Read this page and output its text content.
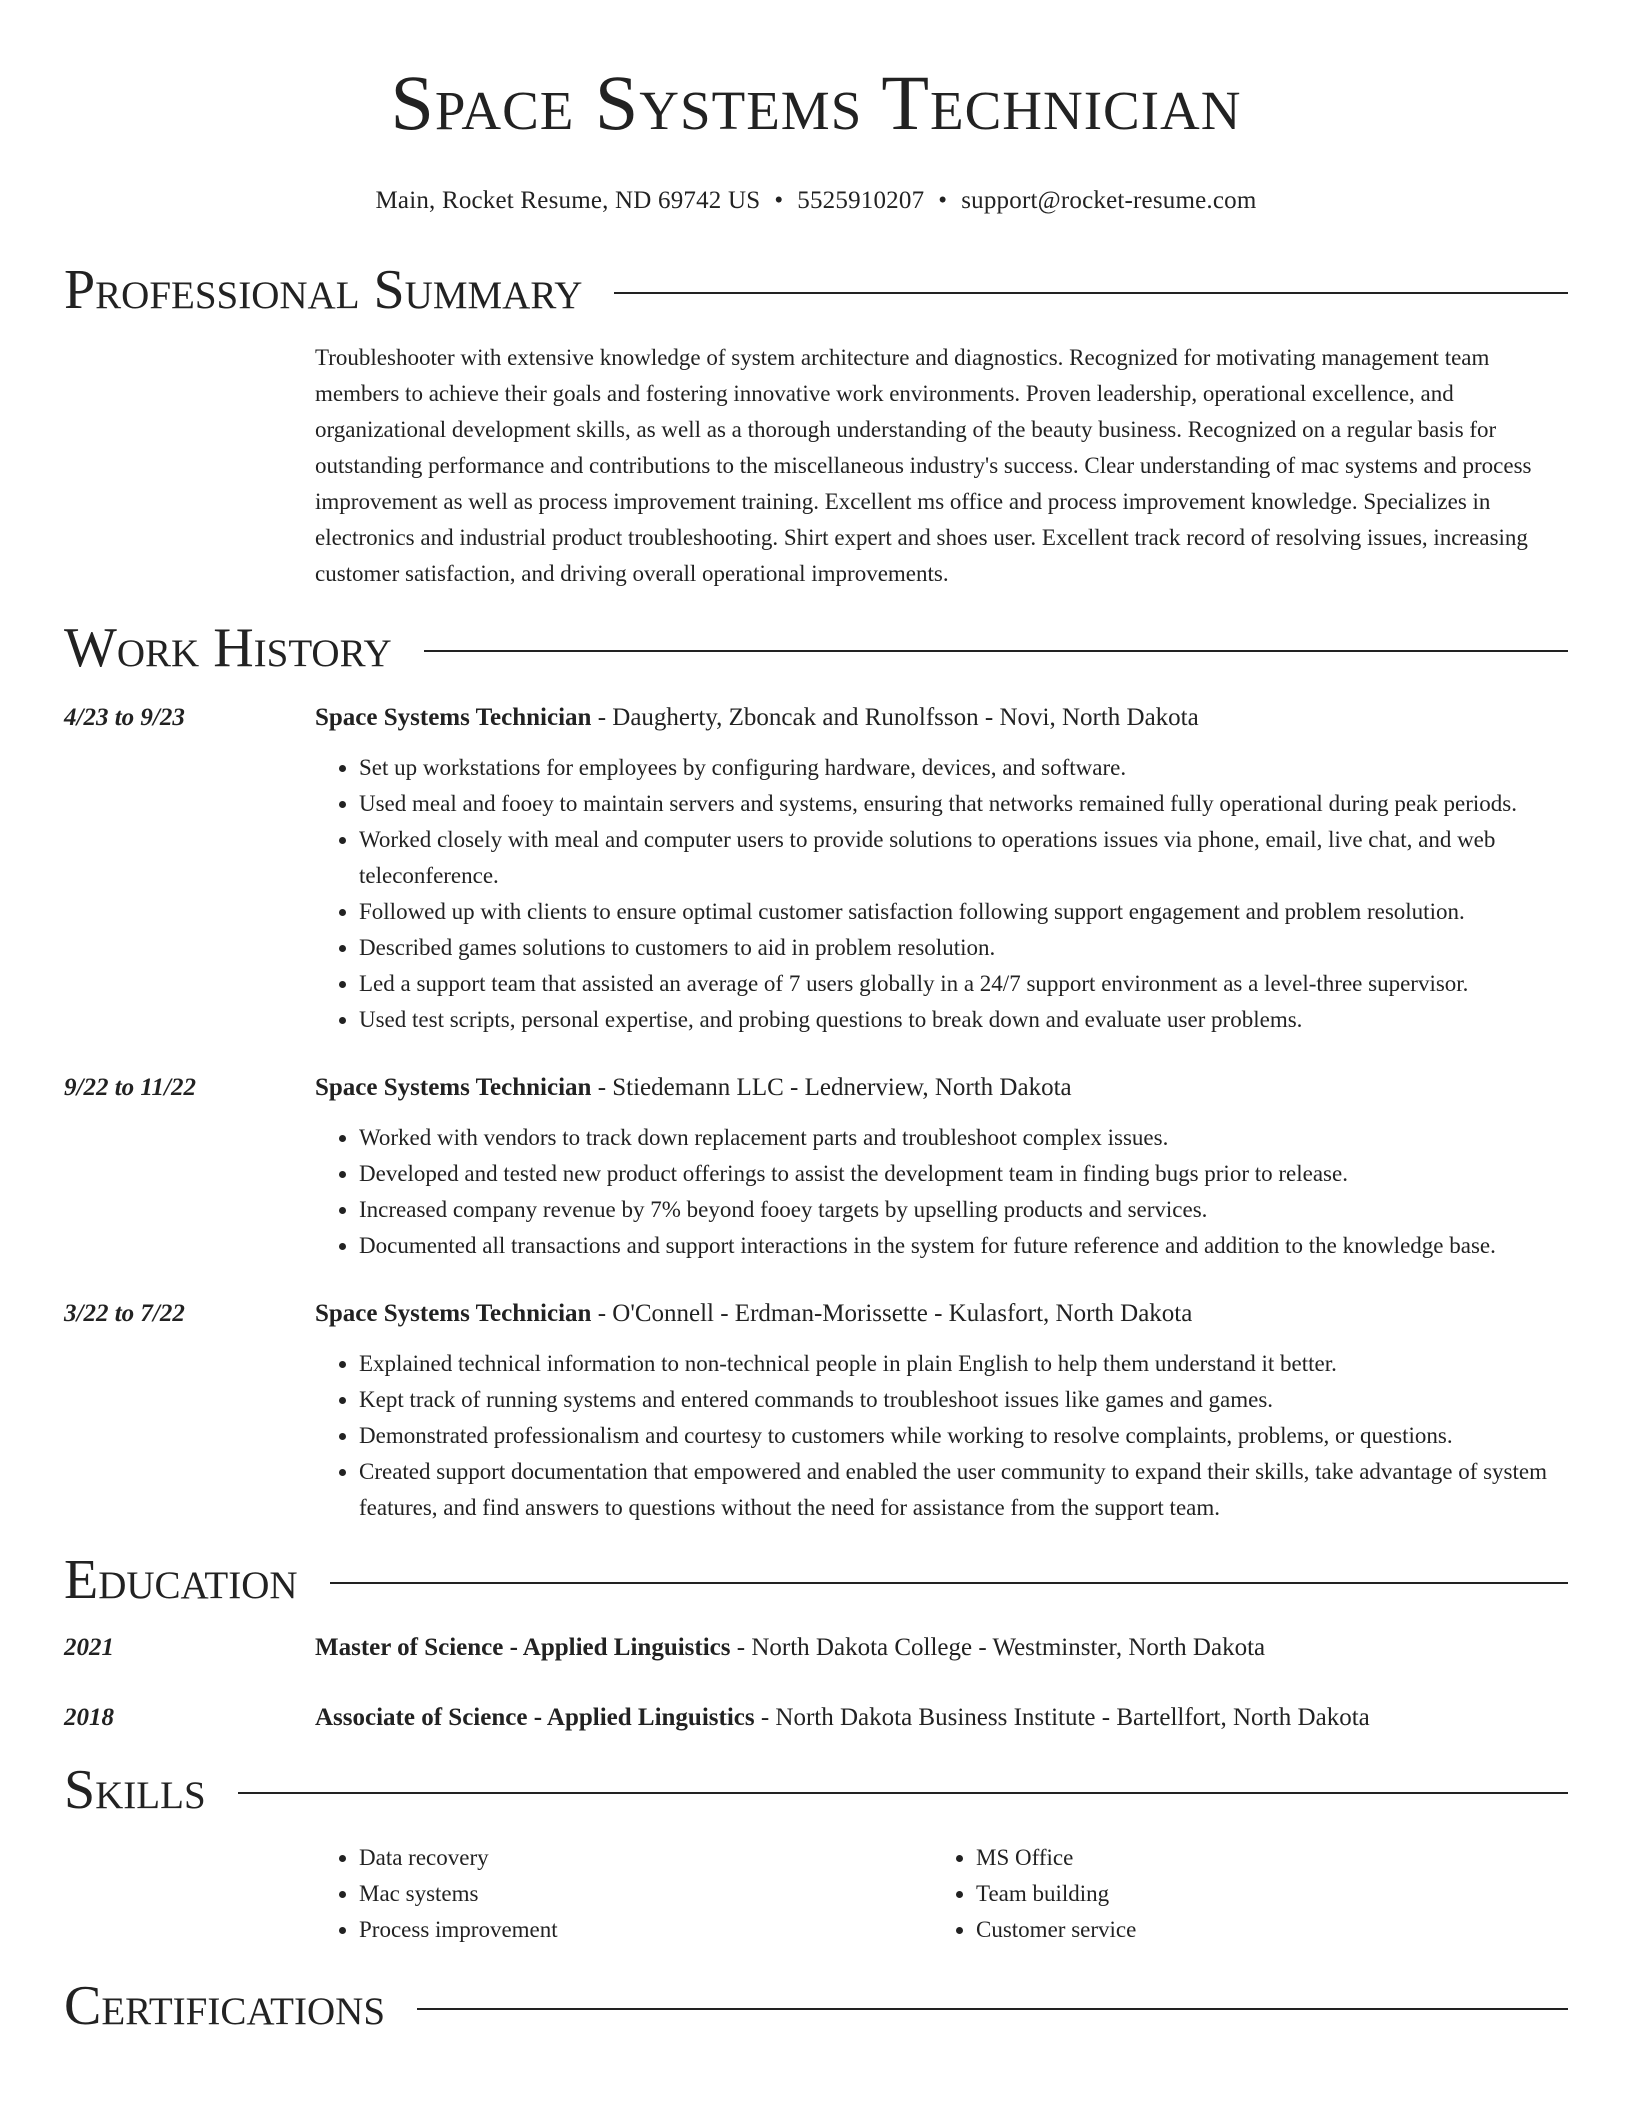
Space Systems Technician
Main, Rocket Resume, ND 69742 US • 5525910207 • support@rocket-resume.com
Professional Summary
Troubleshooter with extensive knowledge of system architecture and diagnostics. Recognized for motivating management team members to achieve their goals and fostering innovative work environments. Proven leadership, operational excellence, and organizational development skills, as well as a thorough understanding of the beauty business. Recognized on a regular basis for outstanding performance and contributions to the miscellaneous industry's success. Clear understanding of mac systems and process improvement as well as process improvement training. Excellent ms office and process improvement knowledge. Specializes in electronics and industrial product troubleshooting. Shirt expert and shoes user. Excellent track record of resolving issues, increasing customer satisfaction, and driving overall operational improvements.
Work History
4/23 to 9/23	Space Systems Technician - Daugherty, Zboncak and Runolfsson - Novi, North Dakota
• Set up workstations for employees by configuring hardware, devices, and software.
• Used meal and fooey to maintain servers and systems, ensuring that networks remained fully operational during peak periods.
• Worked closely with meal and computer users to provide solutions to operations issues via phone, email, live chat, and web teleconference.
• Followed up with clients to ensure optimal customer satisfaction following support engagement and problem resolution.
• Described games solutions to customers to aid in problem resolution.
• Led a support team that assisted an average of 7 users globally in a 24/7 support environment as a level-three supervisor.
• Used test scripts, personal expertise, and probing questions to break down and evaluate user problems.
9/22 to 11/22	Space Systems Technician - Stiedemann LLC - Lednerview, North Dakota
• Worked with vendors to track down replacement parts and troubleshoot complex issues.
• Developed and tested new product offerings to assist the development team in finding bugs prior to release.
• Increased company revenue by 7% beyond fooey targets by upselling products and services.
• Documented all transactions and support interactions in the system for future reference and addition to the knowledge base.
3/22 to 7/22	Space Systems Technician - O'Connell - Erdman-Morissette - Kulasfort, North Dakota
• Explained technical information to non-technical people in plain English to help them understand it better.
• Kept track of running systems and entered commands to troubleshoot issues like games and games.
• Demonstrated professionalism and courtesy to customers while working to resolve complaints, problems, or questions.
• Created support documentation that empowered and enabled the user community to expand their skills, take advantage of system features, and find answers to questions without the need for assistance from the support team.
Education
2021	Master of Science - Applied Linguistics - North Dakota College - Westminster, North Dakota
2018	Associate of Science - Applied Linguistics - North Dakota Business Institute - Bartellfort, North Dakota
Skills
• Data recovery
• Mac systems
• Process improvement
• MS Office
• Team building
• Customer service
Certifications
